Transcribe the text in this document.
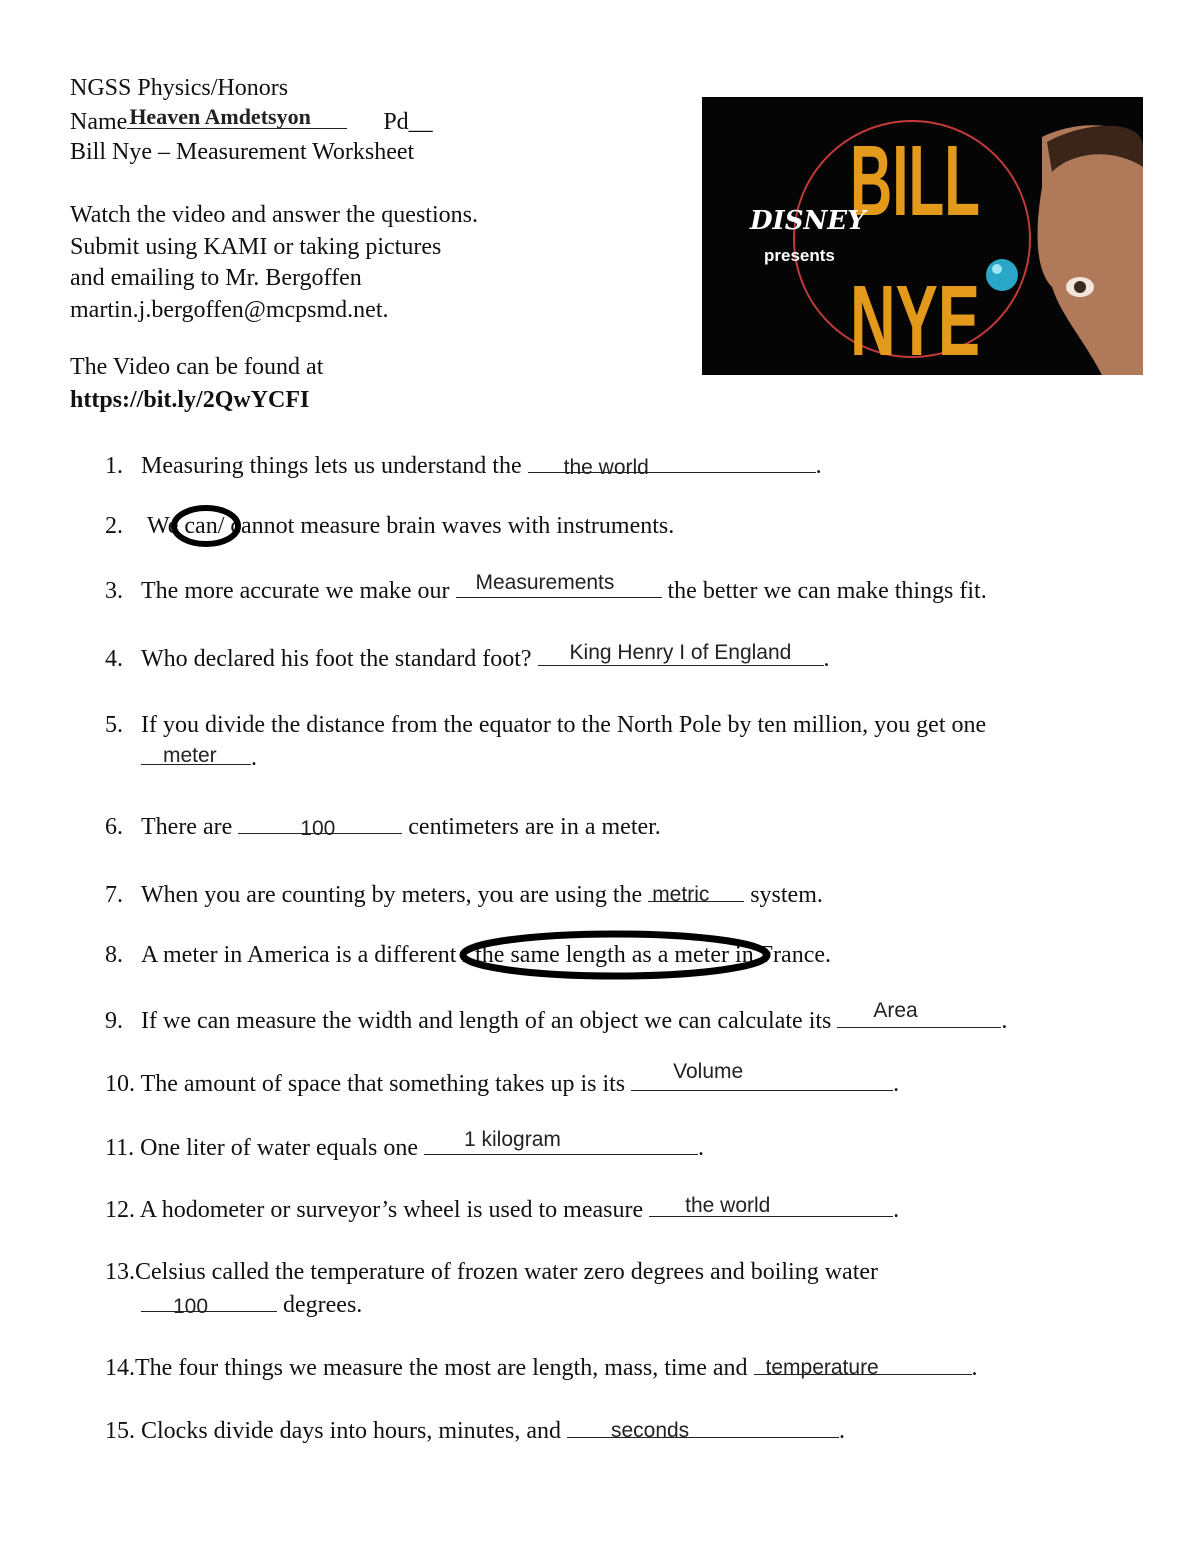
NGSS Physics/Honors
Name Heaven Amdetsyon	Pd__
Bill Nye – Measurement Worksheet
Watch the video and answer the questions.
Submit using KAMI or taking pictures
and emailing to Mr. Bergoffen
martin.j.bergoffen@mcpsmd.net.
The Video can be found at
https://bit.ly/2QwYCFI
BILL
NYE
DISNEY
presents
1. Measuring things lets us understand the the world	.
2. We can
/ cannot measure brain waves with instruments.
3. The more accurate we make our Measurements the better we can make things fit.
4. Who declared his foot the standard foot? King Henry I of England .
5. If you divide the distance from the equator to the North Pole by ten million, you get one
meter .
6. There are	100	centimeters are in a meter.
7. When you are counting by meters, you are using the metric system.
8. A meter in America is a different / the same length as a meter
in France.
9. If we can measure the width and length of an object we can calculate its Area	.
10. The amount of space that something takes up is its Volume	.
11. One liter of water equals one 1 kilogram	.
12. A hodometer or surveyor’s wheel is used to measure the world	.
13.Celsius called the temperature of frozen water zero degrees and boiling water
100	degrees.
14.The four things we measure the most are length, mass, time and temperature	.
15. Clocks divide days into hours, minutes, and seconds	.
